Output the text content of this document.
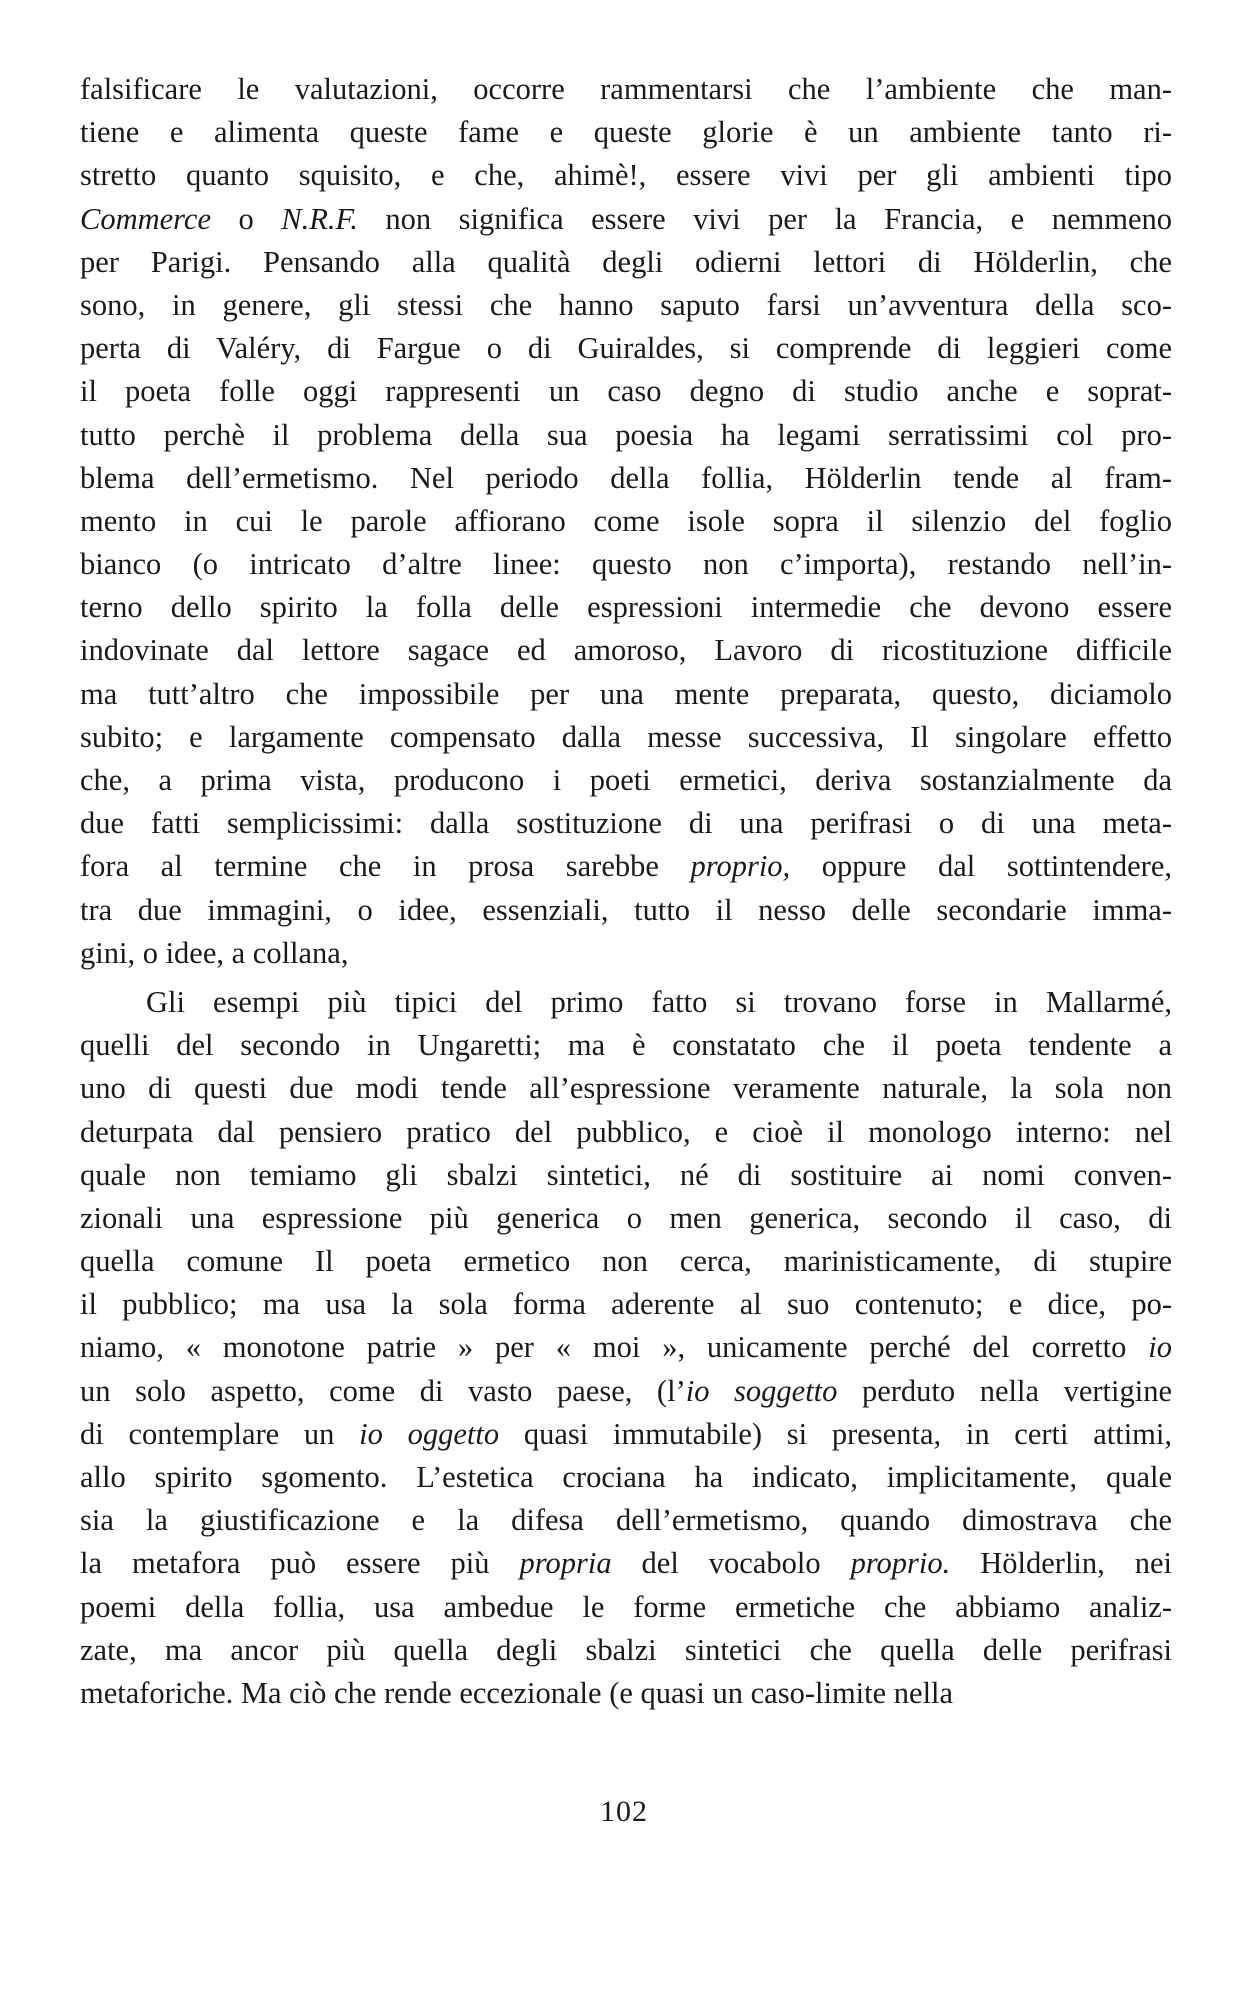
falsificare le valutazioni, occorre rammentarsi che l’ambiente che man-
tiene e alimenta queste fame e queste glorie è un ambiente tanto ri-
stretto quanto squisito, e che, ahimè!, essere vivi per gli ambienti tipo
Commerce o N.R.F. non significa essere vivi per la Francia, e nemmeno
per Parigi. Pensando alla qualità degli odierni lettori di Hölderlin, che
sono, in genere, gli stessi che hanno saputo farsi un’avventura della sco-
perta di Valéry, di Fargue o di Guiraldes, si comprende di leggieri come
il poeta folle oggi rappresenti un caso degno di studio anche e soprat-
tutto perchè il problema della sua poesia ha legami serratissimi col pro-
blema dell’ermetismo. Nel periodo della follia, Hölderlin tende al fram-
mento in cui le parole affiorano come isole sopra il silenzio del foglio
bianco (o intricato d’altre linee: questo non c’importa), restando nell’in-
terno dello spirito la folla delle espressioni intermedie che devono essere
indovinate dal lettore sagace ed amoroso, Lavoro di ricostituzione difficile
ma tutt’altro che impossibile per una mente preparata, questo, diciamolo
subito; e largamente compensato dalla messe successiva, Il singolare effetto
che, a prima vista, producono i poeti ermetici, deriva sostanzialmente da
due fatti semplicissimi: dalla sostituzione di una perifrasi o di una meta-
fora al termine che in prosa sarebbe proprio, oppure dal sottintendere,
tra due immagini, o idee, essenziali, tutto il nesso delle secondarie imma-
gini, o idee, a collana,
Gli esempi più tipici del primo fatto si trovano forse in Mallarmé,
quelli del secondo in Ungaretti; ma è constatato che il poeta tendente a
uno di questi due modi tende all’espressione veramente naturale, la sola non
deturpata dal pensiero pratico del pubblico, e cioè il monologo interno: nel
quale non temiamo gli sbalzi sintetici, né di sostituire ai nomi conven-
zionali una espressione più generica o men generica, secondo il caso, di
quella comune Il poeta ermetico non cerca, marinisticamente, di stupire
il pubblico; ma usa la sola forma aderente al suo contenuto; e dice, po-
niamo, « monotone patrie » per « moi », unicamente perché del corretto io
un solo aspetto, come di vasto paese, (l’io soggetto perduto nella vertigine
di contemplare un io oggetto quasi immutabile) si presenta, in certi attimi,
allo spirito sgomento. L’estetica crociana ha indicato, implicitamente, quale
sia la giustificazione e la difesa dell’ermetismo, quando dimostrava che
la metafora può essere più propria del vocabolo proprio. Hölderlin, nei
poemi della follia, usa ambedue le forme ermetiche che abbiamo analiz-
zate, ma ancor più quella degli sbalzi sintetici che quella delle perifrasi
metaforiche. Ma ciò che rende eccezionale (e quasi un caso-limite nella
102
